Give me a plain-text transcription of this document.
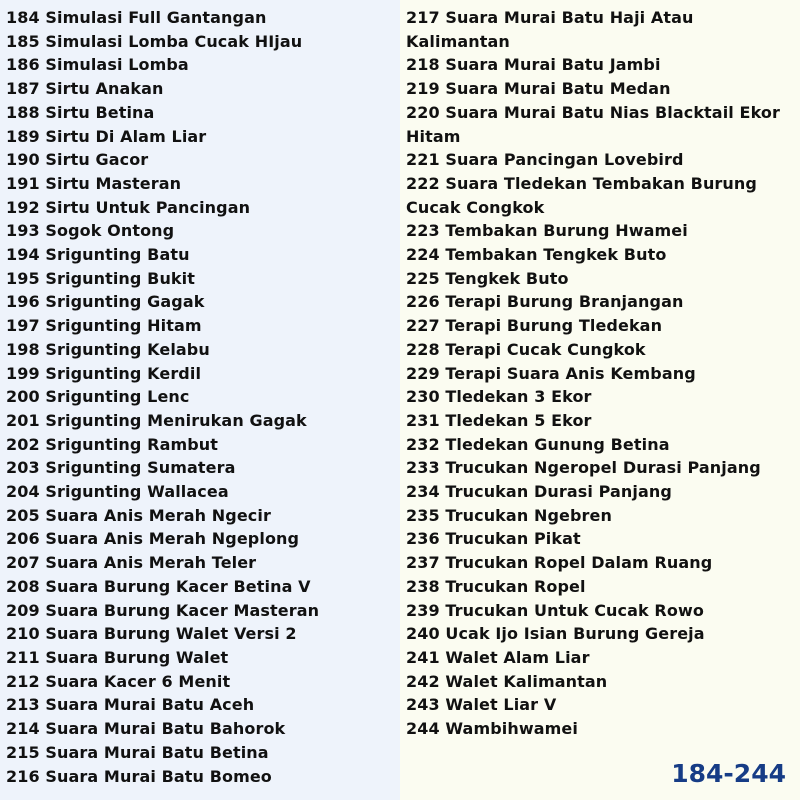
184 Simulasi Full Gantangan
185 Simulasi Lomba Cucak HIjau
186 Simulasi Lomba
187 Sirtu Anakan
188 Sirtu Betina
189 Sirtu Di Alam Liar
190 Sirtu Gacor
191 Sirtu Masteran
192 Sirtu Untuk Pancingan
193 Sogok Ontong
194 Srigunting Batu
195 Srigunting Bukit
196 Srigunting Gagak
197 Srigunting Hitam
198 Srigunting Kelabu
199 Srigunting Kerdil
200 Srigunting Lenc
201 Srigunting Menirukan Gagak
202 Srigunting Rambut
203 Srigunting Sumatera
204 Srigunting Wallacea
205 Suara Anis Merah Ngecir
206 Suara Anis Merah Ngeplong
207 Suara Anis Merah Teler
208 Suara Burung Kacer Betina V
209 Suara Burung Kacer Masteran
210 Suara Burung Walet Versi 2
211 Suara Burung Walet
212 Suara Kacer 6 Menit
213 Suara Murai Batu Aceh
214 Suara Murai Batu Bahorok
215 Suara Murai Batu Betina
216 Suara Murai Batu Bomeo
217 Suara Murai Batu Haji Atau Kalimantan
218 Suara Murai Batu Jambi
219 Suara Murai Batu Medan
220 Suara Murai Batu Nias Blacktail Ekor Hitam
221 Suara Pancingan Lovebird
222 Suara Tledekan Tembakan Burung Cucak Congkok
223 Tembakan Burung Hwamei
224 Tembakan Tengkek Buto
225 Tengkek Buto
226 Terapi Burung Branjangan
227 Terapi Burung Tledekan
228 Terapi Cucak Cungkok
229 Terapi Suara Anis Kembang
230 Tledekan 3 Ekor
231 Tledekan 5 Ekor
232 Tledekan Gunung Betina
233 Trucukan Ngeropel Durasi Panjang
234 Trucukan Durasi Panjang
235 Trucukan Ngebren
236 Trucukan Pikat
237 Trucukan Ropel Dalam Ruang
238 Trucukan Ropel
239 Trucukan Untuk Cucak Rowo
240 Ucak Ijo Isian Burung Gereja
241 Walet Alam Liar
242 Walet Kalimantan
243 Walet Liar V
244 Wambihwamei

184-244
